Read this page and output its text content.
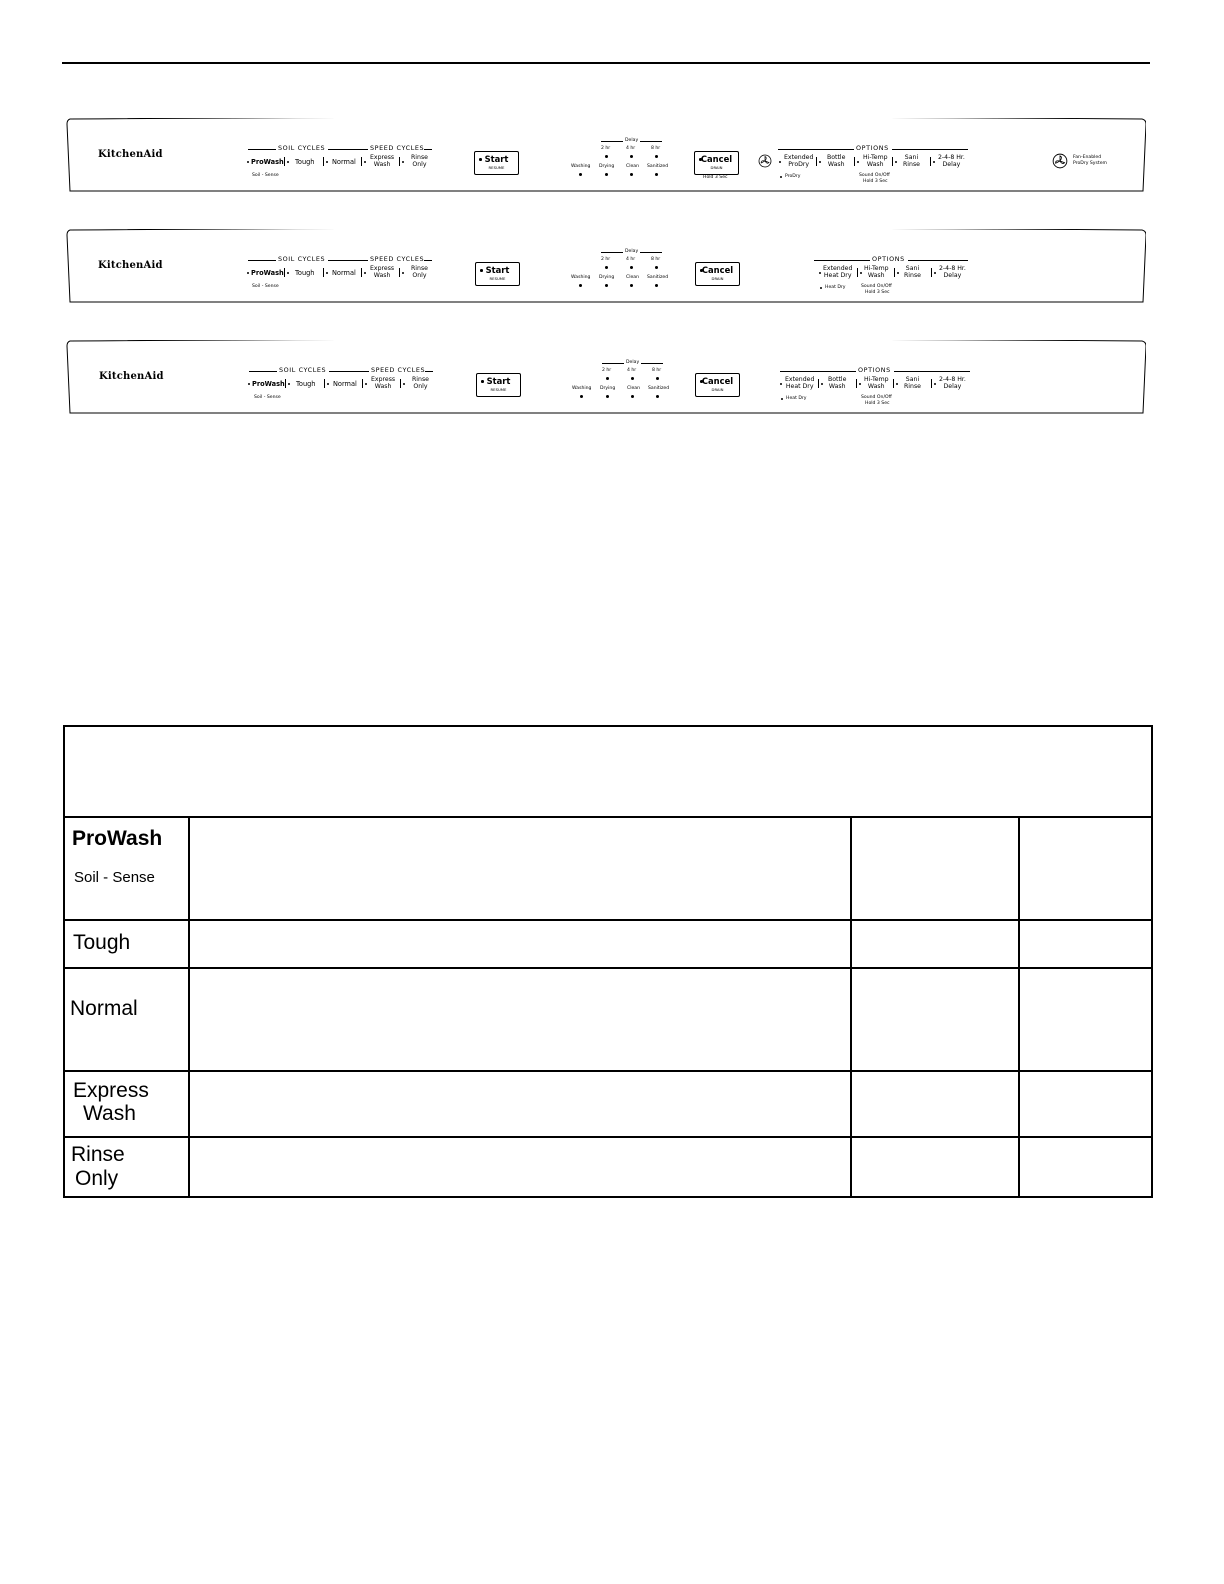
KitchenAid
SOIL CYCLES	SPEED CYCLES
ProWash Tough	Normal
Express
Wash
Rinse
Only
Soil - Sense
Start
RESUME
Delay
2 hr	4 hr	8 hr
Washing Drying	Clean Sanitized
Cancel
DRAIN
Hold 3 Sec
OPTIONS
Extended
ProDry
Bottle
Wash
Hi-Temp
Wash
Sani
Rinse
2-4-8 Hr.
Delay
ProDry	Sound On/Off
Hold 3 Sec
Fan-Enabled
ProDry System
KitchenAid
SOIL CYCLES	SPEED CYCLES
ProWash Tough	Normal
Express
Wash
Rinse
Only
Soil - Sense
Start
RESUME
Delay
2 hr	4 hr	8 hr
Washing Drying	Clean Sanitized
Cancel
DRAIN
OPTIONS
Extended
Heat Dry
Hi-Temp
Wash
Sani
Rinse
2-4-8 Hr.
Delay
Heat Dry	Sound On/Off
Hold 3 Sec
KitchenAid
SOIL CYCLES	SPEED CYCLES
ProWash Tough	Normal
Express
Wash
Rinse
Only
Soil - Sense
Start
RESUME
Delay
2 hr	4 hr	8 hr
Washing Drying	Clean Sanitized
Cancel
DRAIN
OPTIONS
Extended
Heat Dry
Bottle
Wash
Hi-Temp
Wash
Sani
Rinse
2-4-8 Hr.
Delay
Heat Dry	Sound On/Off
Hold 3 Sec

ProWash
Soil - Sense			

Tough			

Normal			

Express
Wash			

Rinse
Only			
